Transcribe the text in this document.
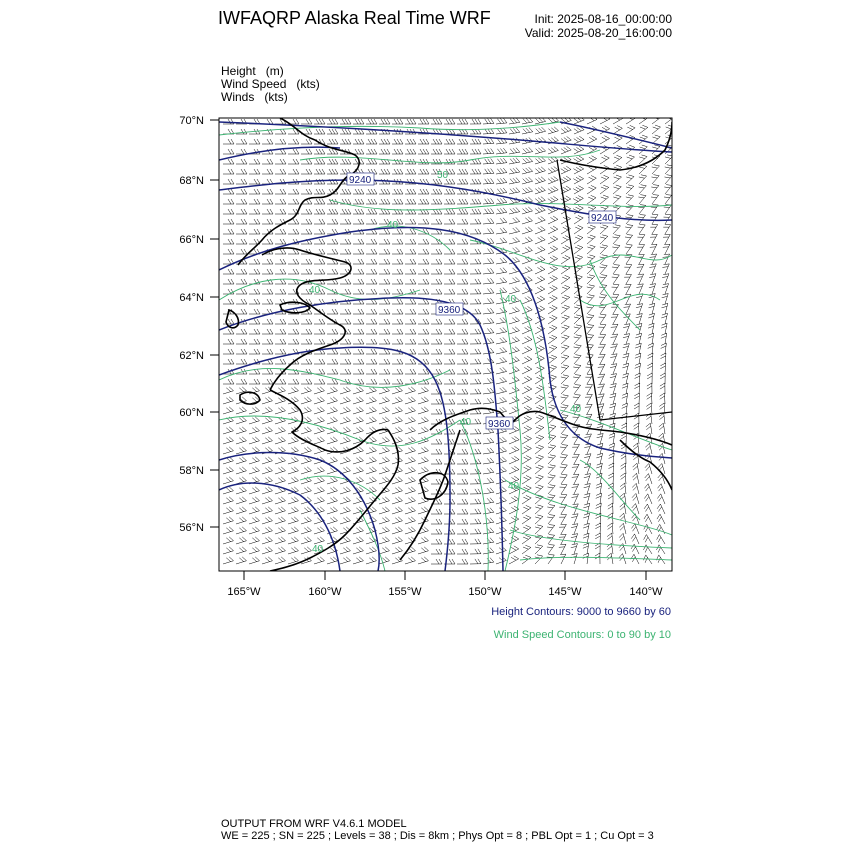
IWFAQRP Alaska Real Time WRF	Init: 2025-08-16_00:00:00
Valid: 2025-08-20_16:00:00
Height (m)
Wind Speed (kts)
Winds (kts)
9240
9240
9360
9360
50
40
40
40
40
40
40
40
70°N
68°N
66°N
64°N
62°N
60°N
58°N
56°N
165°W	160°W	155°W	150°W	145°W	140°W
Height Contours: 9000 to 9660 by 60
Wind Speed Contours: 0 to 90 by 10
OUTPUT FROM WRF V4.6.1 MODEL
WE = 225 ; SN = 225 ; Levels = 38 ; Dis = 8km ; Phys Opt = 8 ; PBL Opt = 1 ; Cu Opt = 3
